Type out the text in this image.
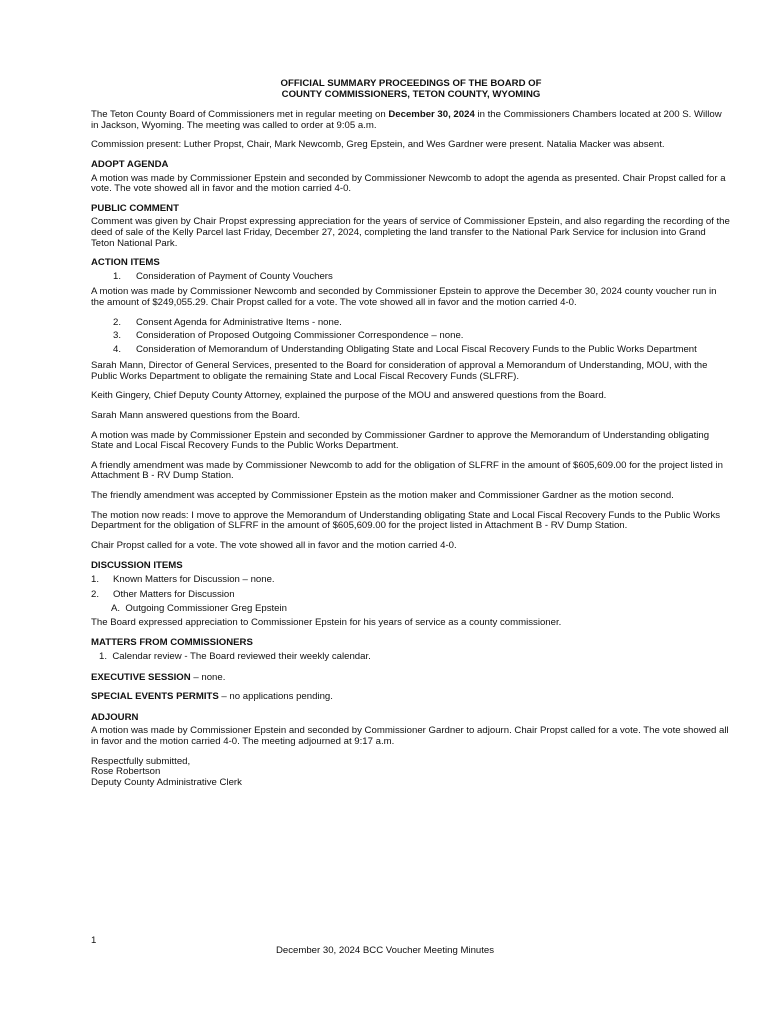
OFFICIAL SUMMARY PROCEEDINGS OF THE BOARD OF
COUNTY COMMISSIONERS, TETON COUNTY, WYOMING

The Teton County Board of Commissioners met in regular meeting on December 30, 2024 in the Commissioners Chambers located at 200 S. Willow in Jackson, Wyoming. The meeting was called to order at 9:05 a.m.

Commission present: Luther Propst, Chair, Mark Newcomb, Greg Epstein, and Wes Gardner were present. Natalia Macker was absent.

ADOPT AGENDA

A motion was made by Commissioner Epstein and seconded by Commissioner Newcomb to adopt the agenda as presented. Chair Propst called for a vote. The vote showed all in favor and the motion carried 4-0.

PUBLIC COMMENT

Comment was given by Chair Propst expressing appreciation for the years of service of Commissioner Epstein, and also regarding the recording of the deed of sale of the Kelly Parcel last Friday, December 27, 2024, completing the land transfer to the National Park Service for inclusion into Grand Teton National Park.

ACTION ITEMS
1. Consideration of Payment of County Vouchers

A motion was made by Commissioner Newcomb and seconded by Commissioner Epstein to approve the December 30, 2024 county voucher run in the amount of $249,055.29. Chair Propst called for a vote. The vote showed all in favor and the motion carried 4-0.

2. Consent Agenda for Administrative Items - none.
3. Consideration of Proposed Outgoing Commissioner Correspondence – none.
4. Consideration of Memorandum of Understanding Obligating State and Local Fiscal Recovery Funds to the Public Works Department

Sarah Mann, Director of General Services, presented to the Board for consideration of approval a Memorandum of Understanding, MOU, with the Public Works Department to obligate the remaining State and Local Fiscal Recovery Funds (SLFRF).

Keith Gingery, Chief Deputy County Attorney, explained the purpose of the MOU and answered questions from the Board.

Sarah Mann answered questions from the Board.

A motion was made by Commissioner Epstein and seconded by Commissioner Gardner to approve the Memorandum of Understanding obligating State and Local Fiscal Recovery Funds to the Public Works Department.

A friendly amendment was made by Commissioner Newcomb to add for the obligation of SLFRF in the amount of $605,609.00 for the project listed in Attachment B - RV Dump Station.

The friendly amendment was accepted by Commissioner Epstein as the motion maker and Commissioner Gardner as the motion second.

The motion now reads: I move to approve the Memorandum of Understanding obligating State and Local Fiscal Recovery Funds to the Public Works Department for the obligation of SLFRF in the amount of $605,609.00 for the project listed in Attachment B - RV Dump Station.

Chair Propst called for a vote. The vote showed all in favor and the motion carried 4-0.

DISCUSSION ITEMS
1. Known Matters for Discussion – none.
2. Other Matters for Discussion
A.  Outgoing Commissioner Greg Epstein

The Board expressed appreciation to Commissioner Epstein for his years of service as a county commissioner.

MATTERS FROM COMMISSIONERS
1.  Calendar review - The Board reviewed their weekly calendar.

EXECUTIVE SESSION – none.

SPECIAL EVENTS PERMITS – no applications pending.

ADJOURN

A motion was made by Commissioner Epstein and seconded by Commissioner Gardner to adjourn. Chair Propst called for a vote. The vote showed all in favor and the motion carried 4-0. The meeting adjourned at 9:17 a.m.

Respectfully submitted,
Rose Robertson
Deputy County Administrative Clerk
1
December 30, 2024 BCC Voucher Meeting Minutes
